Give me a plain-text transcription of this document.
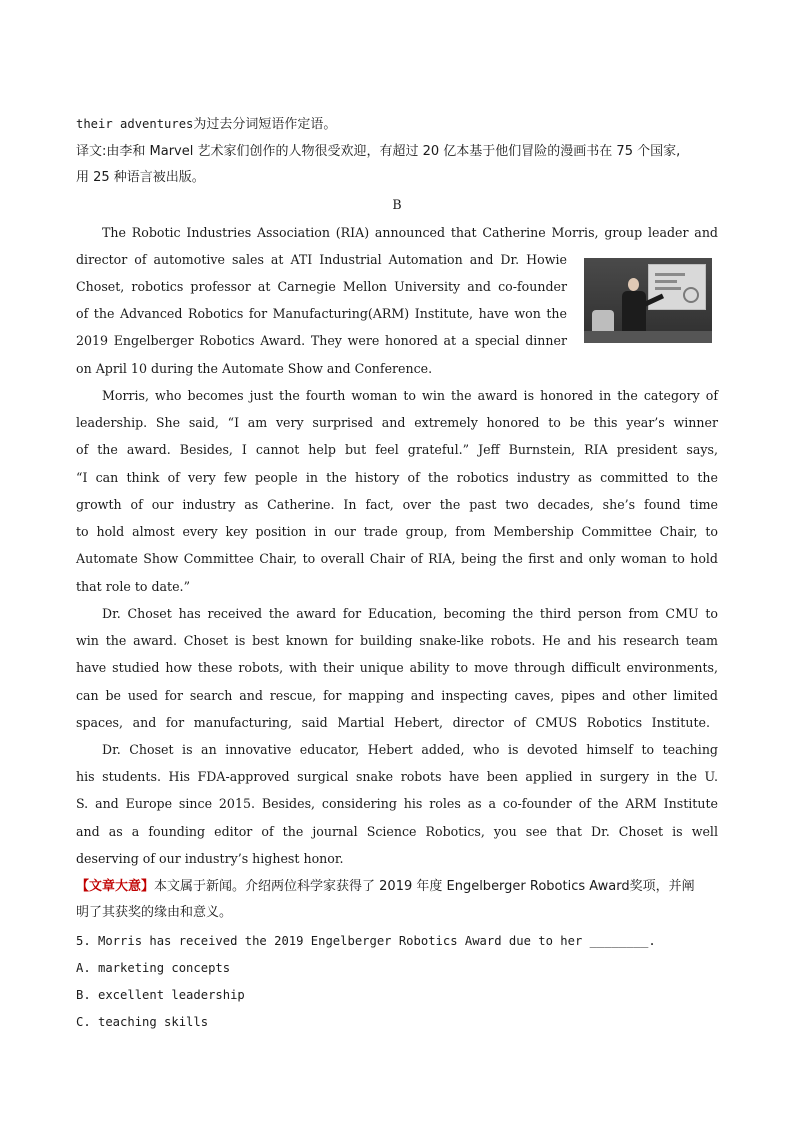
their adventures为过去分词短语作定语。
译文:由李和 Marvel 艺术家们创作的人物很受欢迎，有超过 20 亿本基于他们冒险的漫画书在 75 个国家,
用 25 种语言被出版。
B
The Robotic Industries Association (RIA) announced that Catherine Morris, group leader and
director of automotive sales at ATI Industrial Automation and Dr. Howie
Choset, robotics professor at Carnegie Mellon University and co-founder
of the Advanced Robotics for Manufacturing(ARM) Institute, have won the
2019 Engelberger Robotics Award. They were honored at a special dinner
on April 10 during the Automate Show and Conference.
Morris, who becomes just the fourth woman to win the award is honored in the category of
leadership. She said, “I am very surprised and extremely honored to be this year’s winner
of the award. Besides, I cannot help but feel grateful.” Jeff Burnstein, RIA president says,
“I can think of very few people in the history of the robotics industry as committed to the
growth of our industry as Catherine. In fact, over the past two decades, she’s found time
to hold almost every key position in our trade group, from Membership Committee Chair, to
Automate Show Committee Chair, to overall Chair of RIA, being the first and only woman to hold
that role to date.”
Dr. Choset has received the award for Education, becoming the third person from CMU to
win the award. Choset is best known for building snake-like robots. He and his research team
have studied how these robots, with their unique ability to move through difficult environments,
can be used for search and rescue, for mapping and inspecting caves, pipes and other limited
spaces, and for manufacturing, said Martial Hebert, director of CMUS Robotics Institute.
Dr. Choset is an innovative educator, Hebert added, who is devoted himself to teaching
his students. His FDA-approved surgical snake robots have been applied in surgery in the U.
S. and Europe since 2015. Besides, considering his roles as a co-founder of the ARM Institute
and as a founding editor of the journal Science Robotics, you see that Dr. Choset is well
deserving of our industry’s highest honor.
【文章大意】本文属于新闻。介绍两位科学家获得了 2019 年度 Engelberger Robotics Award奖项，并阐
明了其获奖的缘由和意义。
5. Morris has received the 2019 Engelberger Robotics Award due to her ________.
A. marketing concepts
B. excellent leadership
C. teaching skills
